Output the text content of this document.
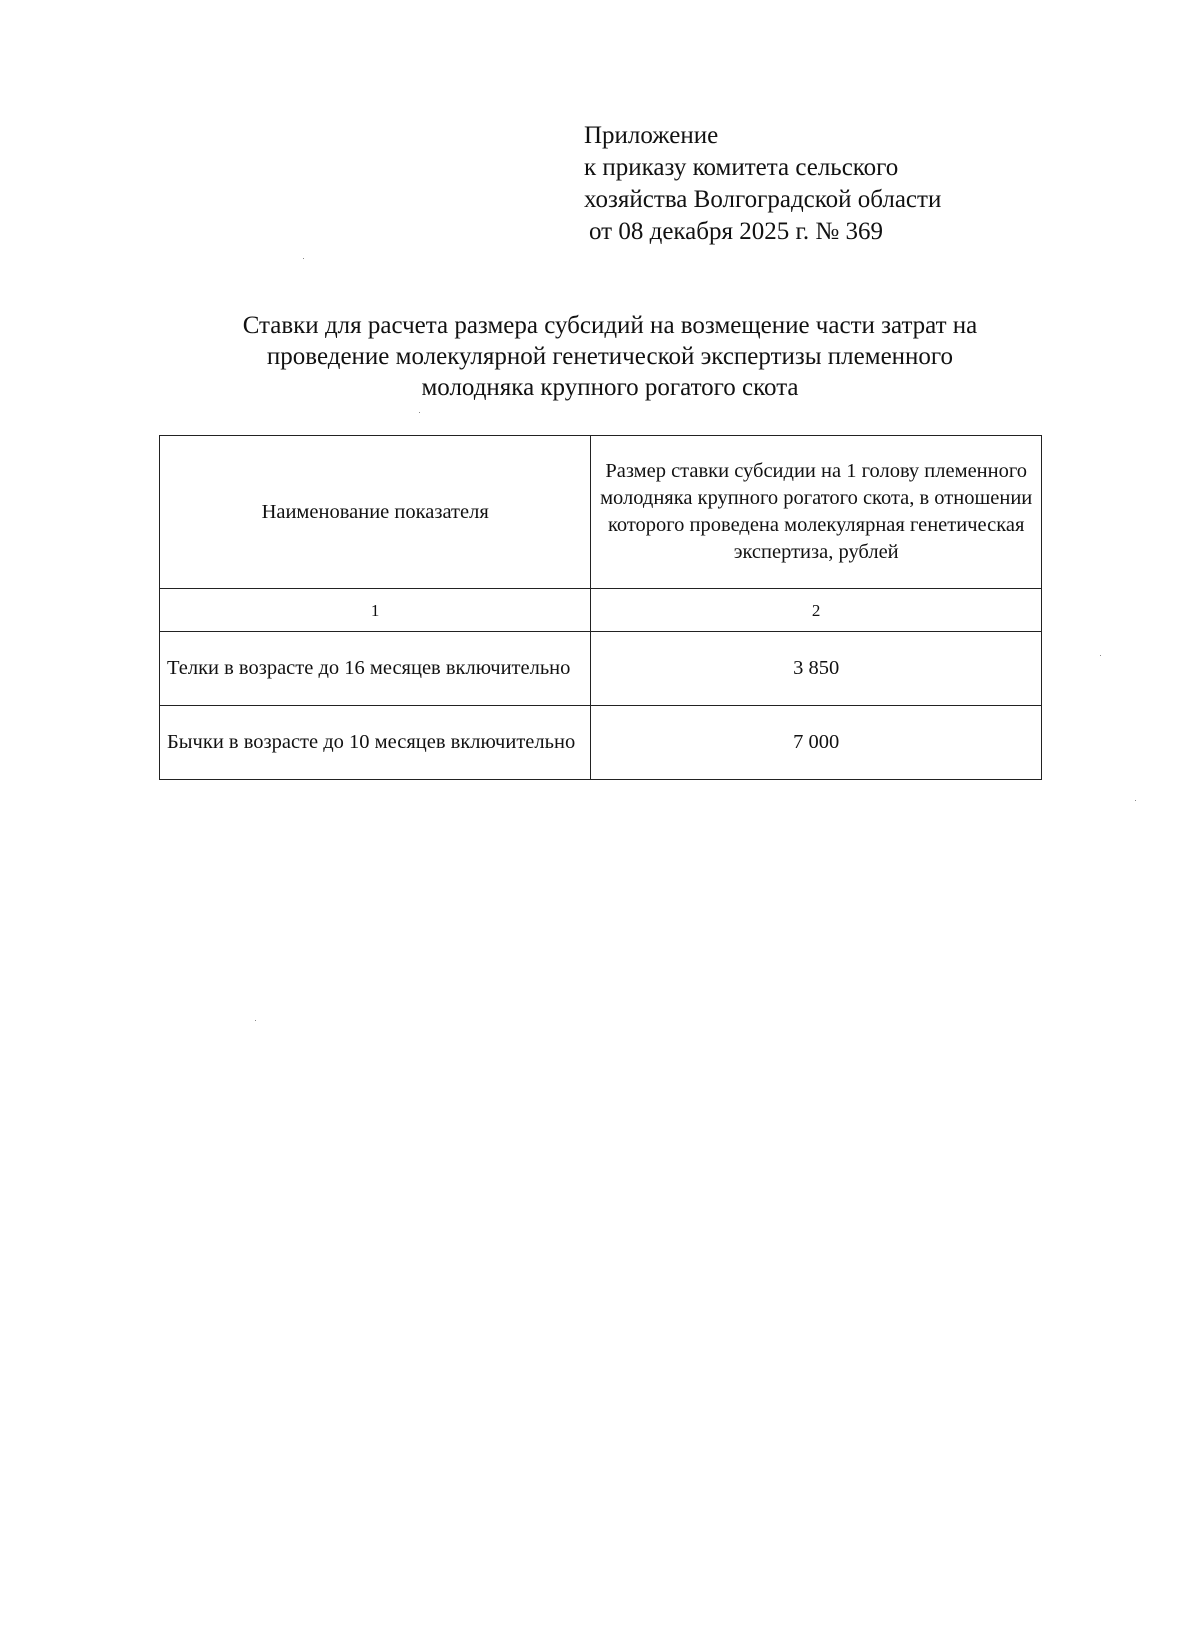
Приложение
к приказу комитета сельского
хозяйства Волгоградской области
от 08 декабря 2025 г. № 369
Ставки для расчета размера субсидий на возмещение части затрат на
проведение молекулярной генетической экспертизы племенного
молодняка крупного рогатого скота
Наименование показателя	Размер ставки субсидии на 1 голову племенного молодняка крупного рогатого скота, в отношении которого проведена молекулярная генетическая экспертиза, рублей
1	2
Телки в возрасте до 16 месяцев включительно	3 850
Бычки в возрасте до 10 месяцев включительно	7 000
